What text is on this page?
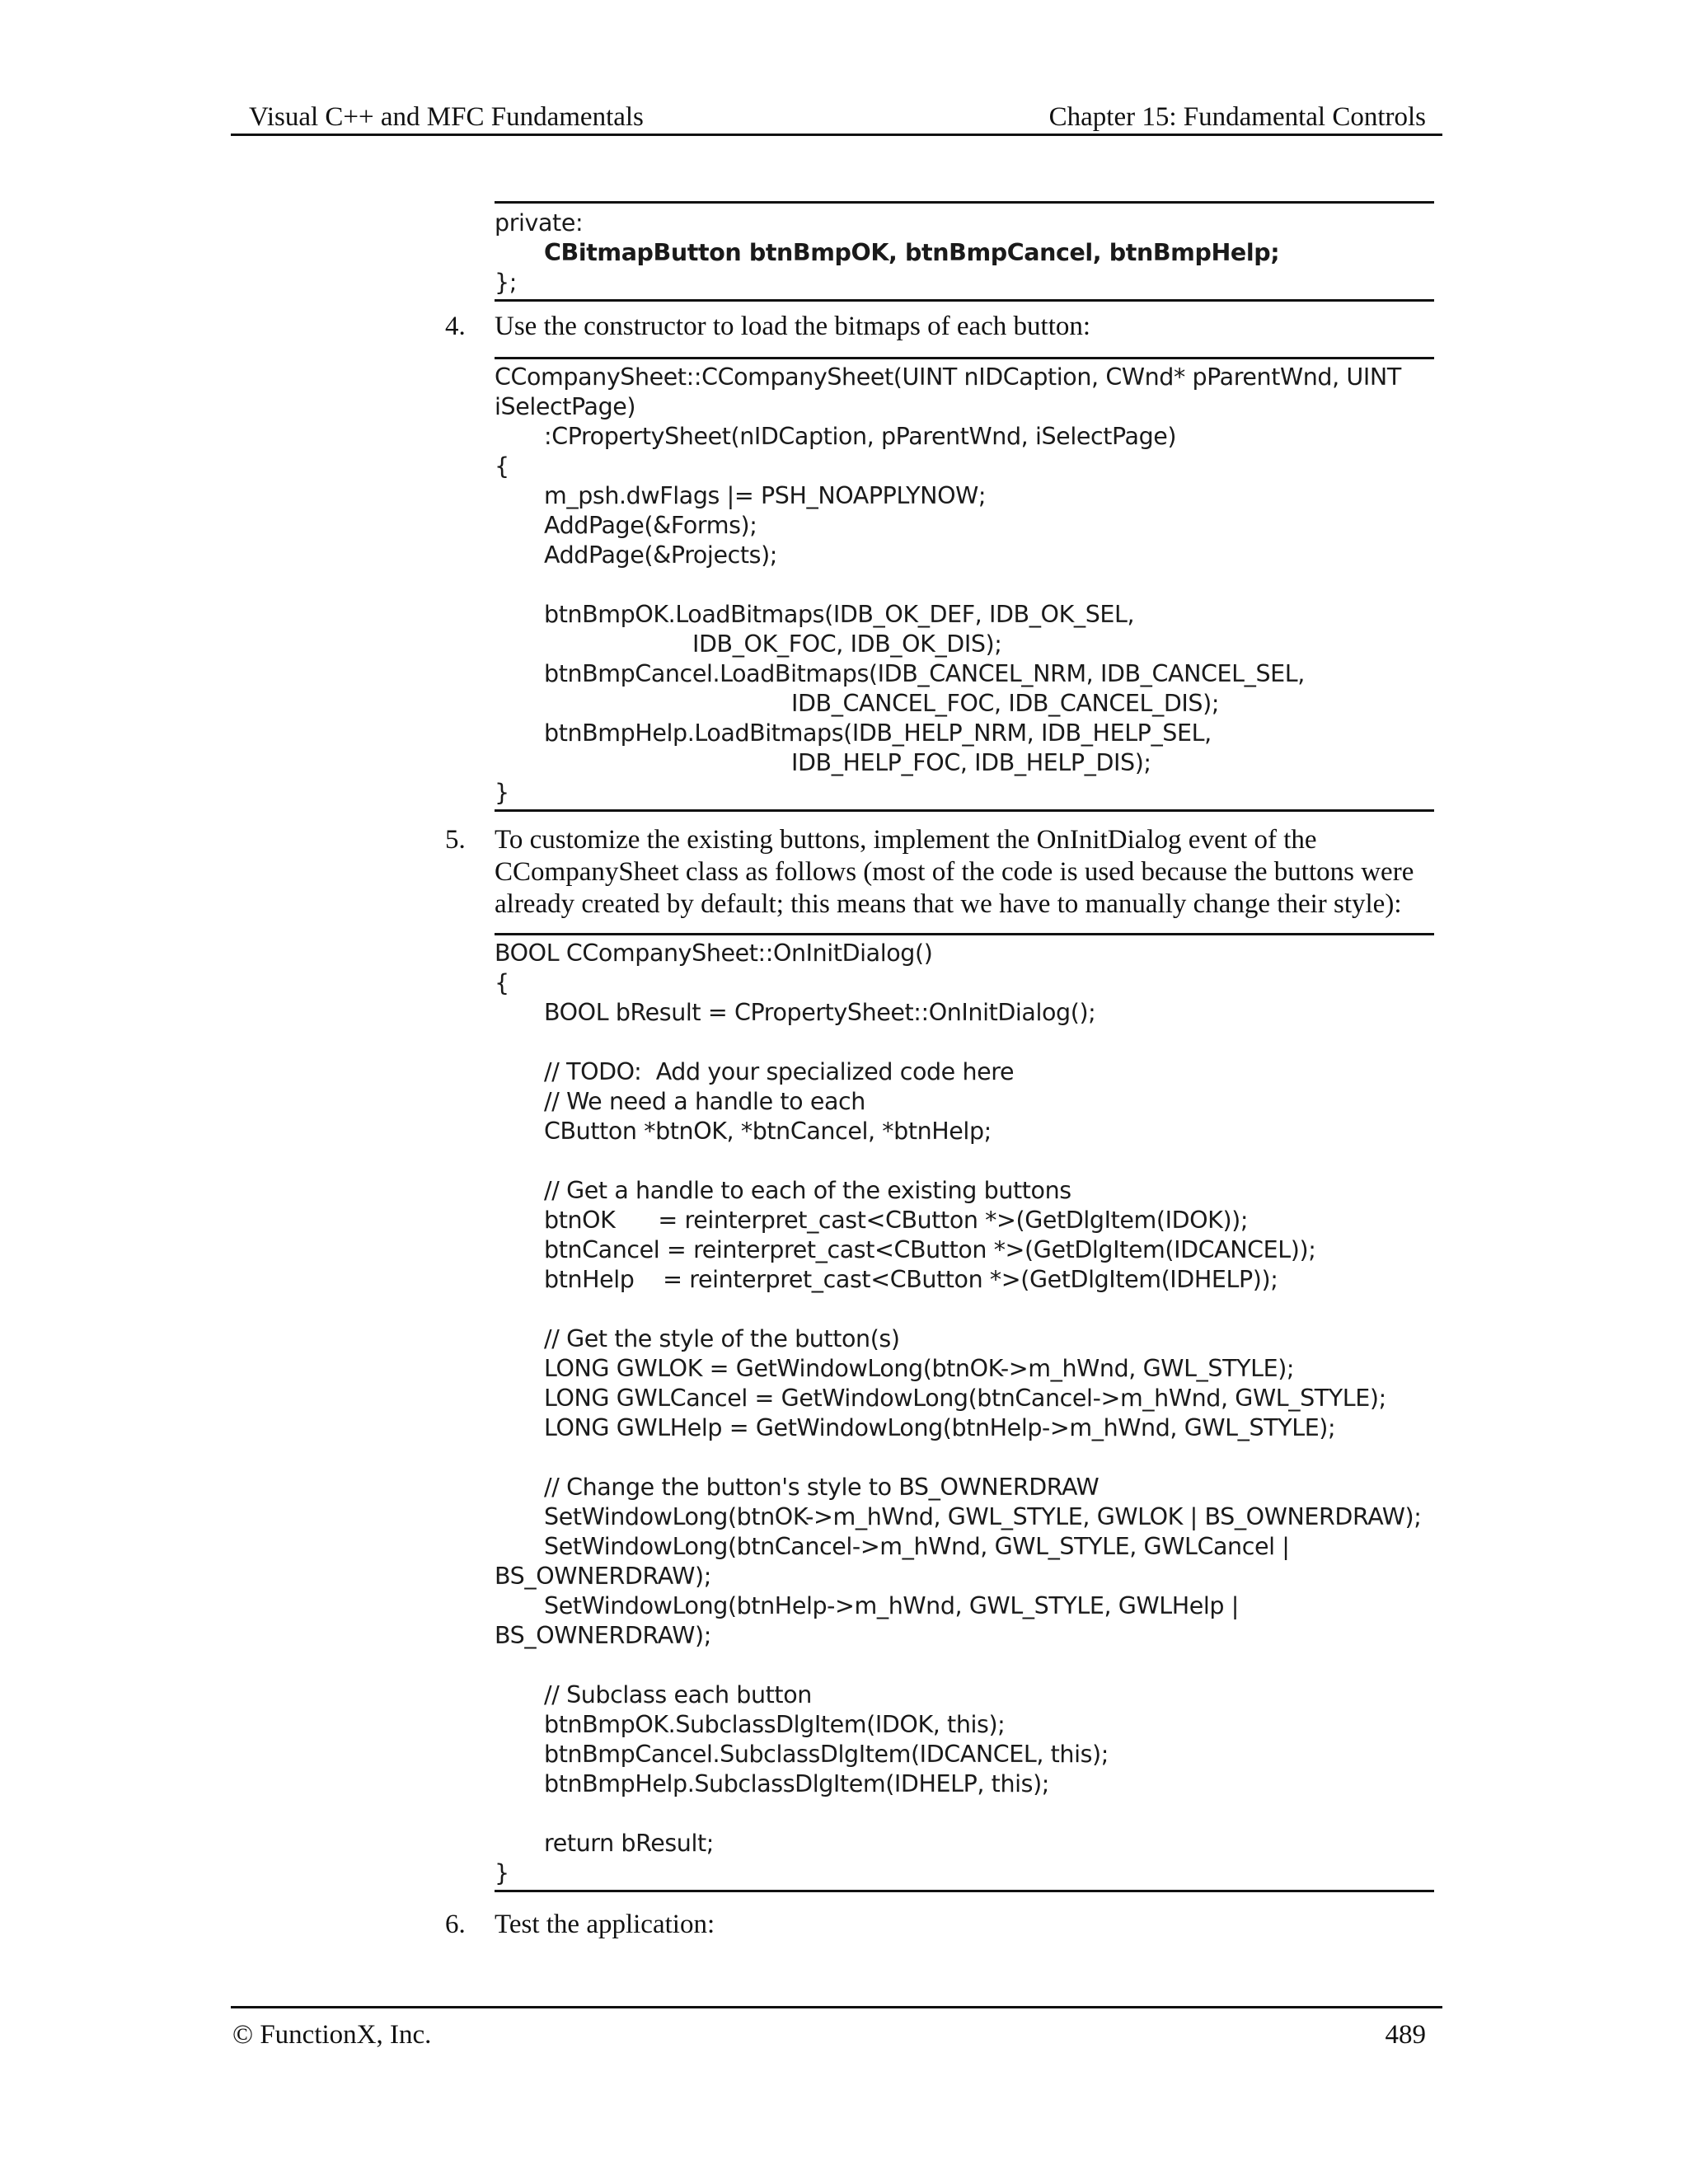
Visual C++ and MFC Fundamentals	Chapter 15: Fundamental Controls
private:
CBitmapButton btnBmpOK, btnBmpCancel, btnBmpHelp;
};
4. Use the constructor to load the bitmaps of each button:
CCompanySheet::CCompanySheet(UINT nIDCaption, CWnd* pParentWnd, UINT
iSelectPage)
:CPropertySheet(nIDCaption, pParentWnd, iSelectPage)
{
m_psh.dwFlags |= PSH_NOAPPLYNOW;
AddPage(&Forms);
AddPage(&Projects);
btnBmpOK.LoadBitmaps(IDB_OK_DEF, IDB_OK_SEL,
IDB_OK_FOC, IDB_OK_DIS);
btnBmpCancel.LoadBitmaps(IDB_CANCEL_NRM, IDB_CANCEL_SEL,
IDB_CANCEL_FOC, IDB_CANCEL_DIS);
btnBmpHelp.LoadBitmaps(IDB_HELP_NRM, IDB_HELP_SEL,
IDB_HELP_FOC, IDB_HELP_DIS);
}
5. To customize the existing buttons, implement the OnInitDialog event of the CCompanySheet class as follows (most of the code is used because the buttons were already created by default; this means that we have to manually change their style):
BOOL CCompanySheet::OnInitDialog()
{
BOOL bResult = CPropertySheet::OnInitDialog();
// TODO:  Add your specialized code here
// We need a handle to each
CButton *btnOK, *btnCancel, *btnHelp;
// Get a handle to each of the existing buttons
btnOK      = reinterpret_cast<CButton *>(GetDlgItem(IDOK));
btnCancel = reinterpret_cast<CButton *>(GetDlgItem(IDCANCEL));
btnHelp    = reinterpret_cast<CButton *>(GetDlgItem(IDHELP));
// Get the style of the button(s)
LONG GWLOK = GetWindowLong(btnOK->m_hWnd, GWL_STYLE);
LONG GWLCancel = GetWindowLong(btnCancel->m_hWnd, GWL_STYLE);
LONG GWLHelp = GetWindowLong(btnHelp->m_hWnd, GWL_STYLE);
// Change the button's style to BS_OWNERDRAW
SetWindowLong(btnOK->m_hWnd, GWL_STYLE, GWLOK | BS_OWNERDRAW);
SetWindowLong(btnCancel->m_hWnd, GWL_STYLE, GWLCancel |
BS_OWNERDRAW);
SetWindowLong(btnHelp->m_hWnd, GWL_STYLE, GWLHelp |
BS_OWNERDRAW);
// Subclass each button
btnBmpOK.SubclassDlgItem(IDOK, this);
btnBmpCancel.SubclassDlgItem(IDCANCEL, this);
btnBmpHelp.SubclassDlgItem(IDHELP, this);
return bResult;
}
6. Test the application:
© FunctionX, Inc.	489
